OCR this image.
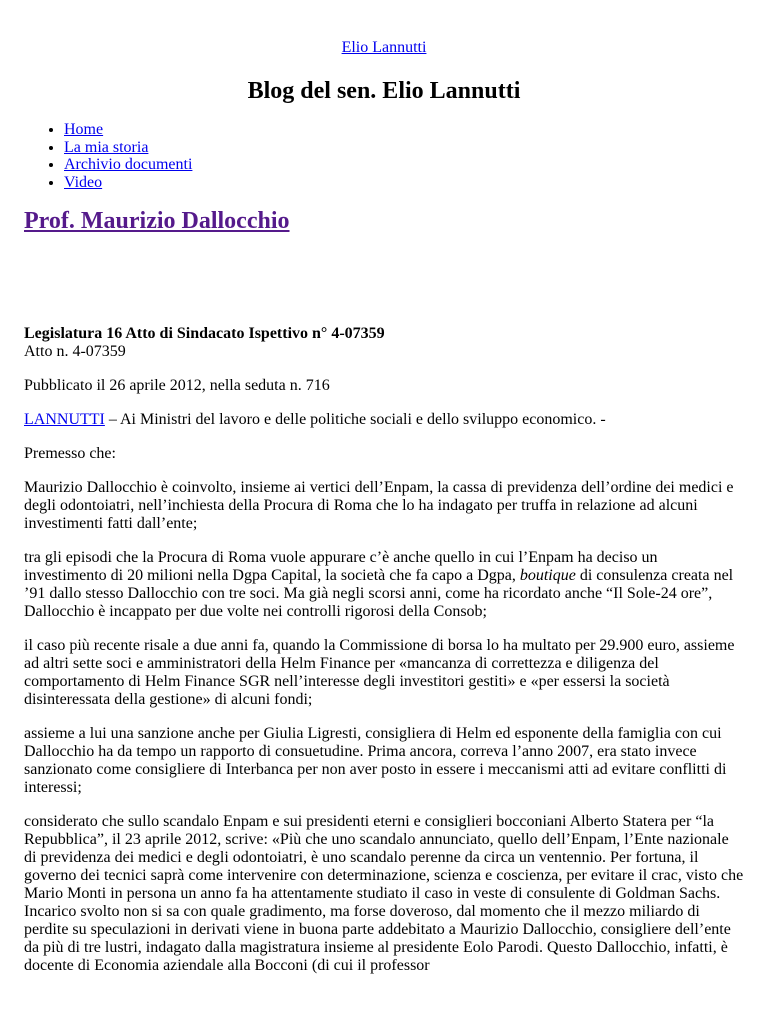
Elio Lannutti

Blog del sen. Elio Lannutti
• Home
• La mia storia
• Archivio documenti
• Video
Prof. Maurizio Dallocchio

Legislatura 16 Atto di Sindacato Ispettivo n° 4-07359
Atto n. 4-07359

Pubblicato il 26 aprile 2012, nella seduta n. 716

LANNUTTI – Ai Ministri del lavoro e delle politiche sociali e dello sviluppo economico. -

Premesso che:

Maurizio Dallocchio è coinvolto, insieme ai vertici dell’Enpam, la cassa di previdenza dell’ordine dei medici e degli odontoiatri, nell’inchiesta della Procura di Roma che lo ha indagato per truffa in relazione ad alcuni investimenti fatti dall’ente;

tra gli episodi che la Procura di Roma vuole appurare c’è anche quello in cui l’Enpam ha deciso un investimento di 20 milioni nella Dgpa Capital, la società che fa capo a Dgpa, boutique di consulenza creata nel ’91 dallo stesso Dallocchio con tre soci. Ma già negli scorsi anni, come ha ricordato anche “Il Sole-24 ore”, Dallocchio è incappato per due volte nei controlli rigorosi della Consob;

il caso più recente risale a due anni fa, quando la Commissione di borsa lo ha multato per 29.900 euro, assieme ad altri sette soci e amministratori della Helm Finance per «mancanza di correttezza e diligenza del comportamento di Helm Finance SGR nell’interesse degli investitori gestiti» e «per essersi la società disinteressata della gestione» di alcuni fondi;

assieme a lui una sanzione anche per Giulia Ligresti, consigliera di Helm ed esponente della famiglia con cui Dallocchio ha da tempo un rapporto di consuetudine. Prima ancora, correva l’anno 2007, era stato invece sanzionato come consigliere di Interbanca per non aver posto in essere i meccanismi atti ad evitare conflitti di interessi;

considerato che sullo scandalo Enpam e sui presidenti eterni e consiglieri bocconiani Alberto Statera per “la Repubblica”, il 23 aprile 2012, scrive: «Più che uno scandalo annunciato, quello dell’Enpam, l’Ente nazionale di previdenza dei medici e degli odontoiatri, è uno scandalo perenne da circa un ventennio. Per fortuna, il governo dei tecnici saprà come intervenire con determinazione, scienza e coscienza, per evitare il crac, visto che Mario Monti in persona un anno fa ha attentamente studiato il caso in veste di consulente di Goldman Sachs. Incarico svolto non si sa con quale gradimento, ma forse doveroso, dal momento che il mezzo miliardo di perdite su speculazioni in derivati viene in buona parte addebitato a Maurizio Dallocchio, consigliere dell’ente da più di tre lustri, indagato dalla magistratura insieme al presidente Eolo Parodi. Questo Dallocchio, infatti, è docente di Economia aziendale alla Bocconi (di cui il professor
